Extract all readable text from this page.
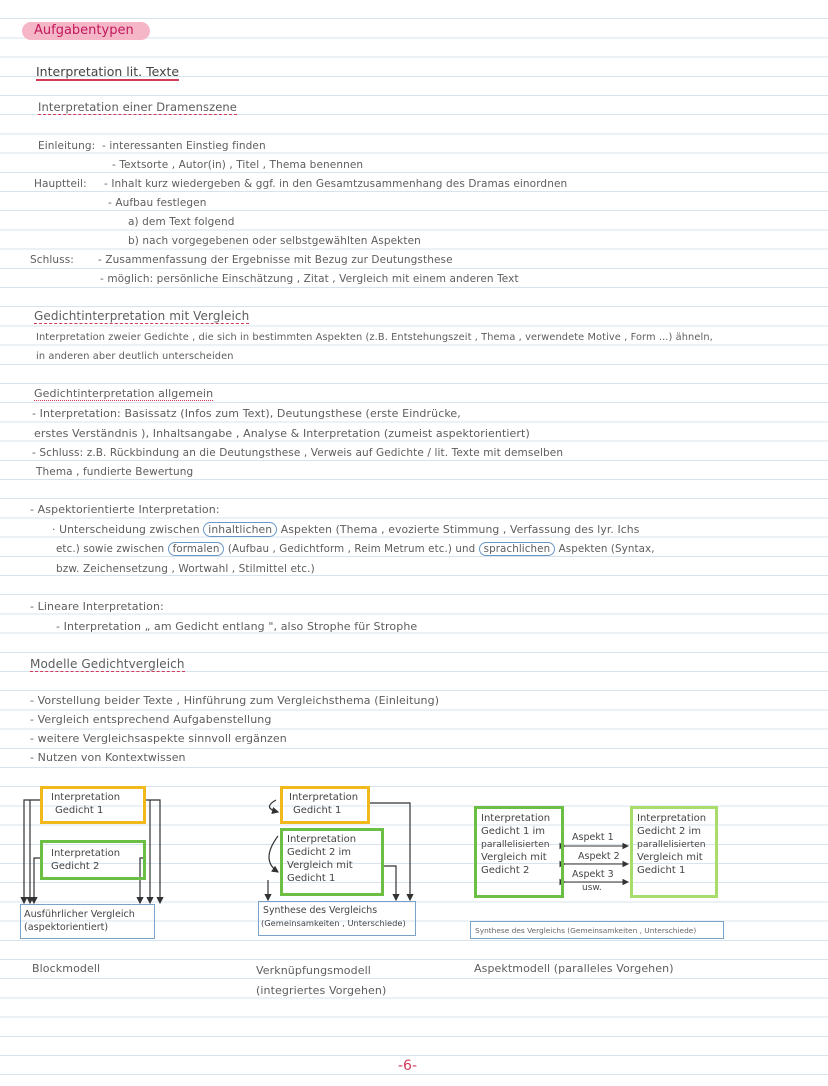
Aufgabentypen
Interpretation lit. Texte
Interpretation einer Dramenszene
Einleitung: - interessanten Einstieg finden
- Textsorte , Autor(in) , Titel , Thema benennen
Hauptteil: - Inhalt kurz wiedergeben & ggf. in den Gesamtzusammenhang des Dramas einordnen
- Aufbau festlegen
a) dem Text folgend
b) nach vorgegebenen oder selbstgewählten Aspekten
Schluss: - Zusammenfassung der Ergebnisse mit Bezug zur Deutungsthese
- möglich: persönliche Einschätzung , Zitat , Vergleich mit einem anderen Text
Gedichtinterpretation mit Vergleich
Interpretation zweier Gedichte , die sich in bestimmten Aspekten (z.B. Entstehungszeit , Thema , verwendete Motive , Form ...) ähneln,
in anderen aber deutlich unterscheiden
Gedichtinterpretation allgemein
- Interpretation: Basissatz (Infos zum Text), Deutungsthese (erste Eindrücke,
erstes Verständnis ), Inhaltsangabe , Analyse & Interpretation (zumeist aspektorientiert)
- Schluss: z.B. Rückbindung an die Deutungsthese , Verweis auf Gedichte / lit. Texte mit demselben
Thema , fundierte Bewertung
- Aspektorientierte Interpretation:
· Unterscheidung zwischen inhaltlichen Aspekten (Thema , evozierte Stimmung , Verfassung des lyr. Ichs
etc.) sowie zwischen formalen (Aufbau , Gedichtform , Reim Metrum etc.) und sprachlichen Aspekten (Syntax,
bzw. Zeichensetzung , Wortwahl , Stilmittel etc.)
- Lineare Interpretation:
- Interpretation „ am Gedicht entlang ", also Strophe für Strophe
Modelle Gedichtvergleich
- Vorstellung beider Texte , Hinführung zum Vergleichsthema (Einleitung)
- Vergleich entsprechend Aufgabenstellung
- weitere Vergleichsaspekte sinnvoll ergänzen
- Nutzen von Kontextwissen
Interpretation
Gedicht 1
Interpretation
Gedicht 2
Ausführlicher Vergleich
(aspektorientiert)
Blockmodell
Interpretation
Gedicht 1
Interpretation
Gedicht 2 im
Vergleich mit
Gedicht 1
Synthese des Vergleichs
(Gemeinsamkeiten , Unterschiede)
Verknüpfungsmodell
(integriertes Vorgehen)
Interpretation
Gedicht 1 im
parallelisierten
Vergleich mit
Gedicht 2
Interpretation
Gedicht 2 im
parallelisierten
Vergleich mit
Gedicht 1
Aspekt 1
Aspekt 2
Aspekt 3
usw.
Synthese des Vergleichs (Gemeinsamkeiten , Unterschiede)
Aspektmodell (paralleles Vorgehen)
-6-
